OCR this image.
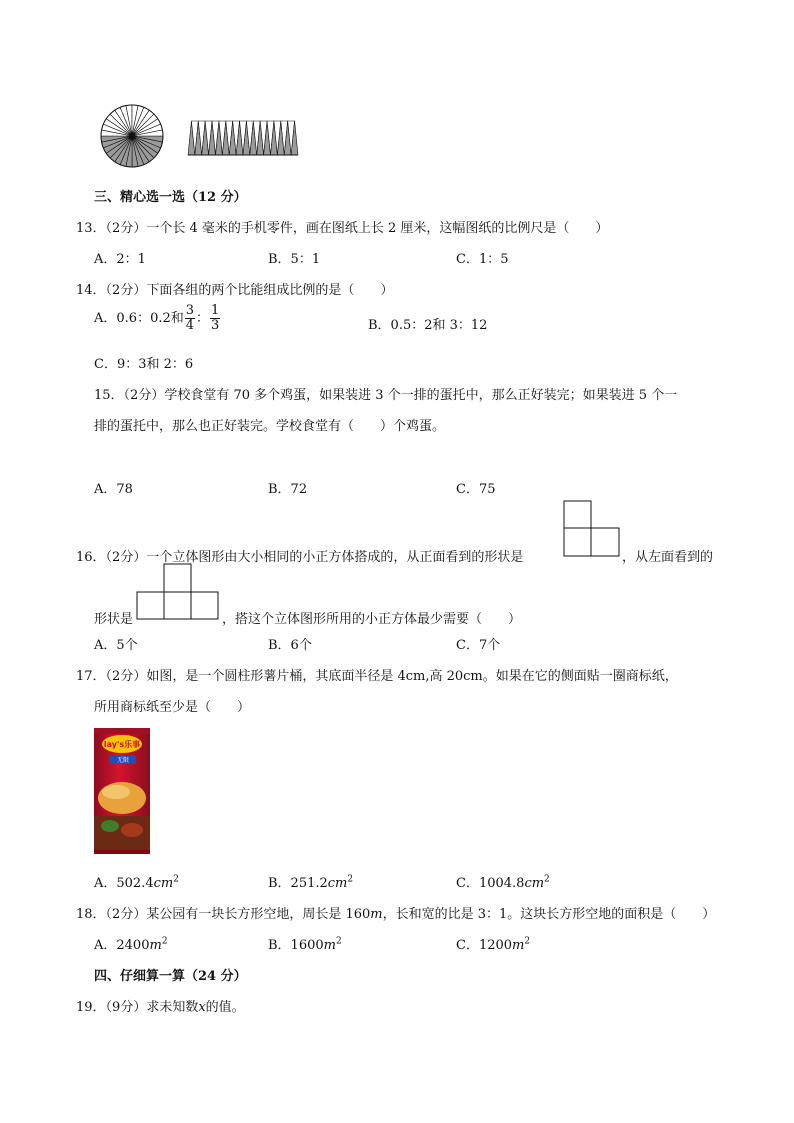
三、精心选一选（12 分）
13．（2分）一个长 4 毫米的手机零件，画在图纸上长 2 厘米，这幅图纸的比例尺是（　　）
A．2：1	B．5：1	C．1：5
14．（2分）下面各组的两个比能组成比例的是（　　）
A．0.6：0.2和 $\frac{3}{4}$ ： $\frac{1}{3}$	B．0.5：2和 3：12
C．9：3和 2：6
15．（2分）学校食堂有 70 多个鸡蛋，如果装进 3 个一排的蛋托中，那么正好装完；如果装进 5 个一
排的蛋托中，那么也正好装完。学校食堂有（　　）个鸡蛋。
A．78	B．72	C．75
16．（2分）一个立体图形由大小相同的小正方体搭成的，从正面看到的形状是	，从左面看到的
形状是	，搭这个立体图形所用的小正方体最少需要（　　）
A．5个	B．6个	C．7个
17．（2分）如图，是一个圆柱形薯片桶，其底面半径是 4cm,高 20cm。如果在它的侧面贴一圈商标纸，
所用商标纸至少是（　　）
lay's乐事
无限
A．$502.4cm^2$	B．$251.2cm^2$	C．$1004.8cm^2$
18．（2分）某公园有一块长方形空地，周长是 160m，长和宽的比是 3：1。这块长方形空地的面积是（　　）
A．$2400m^2$	B．$1600m^2$	C．$1200m^2$
四、仔细算一算（24 分）
19．（9分）求未知数x的值。
